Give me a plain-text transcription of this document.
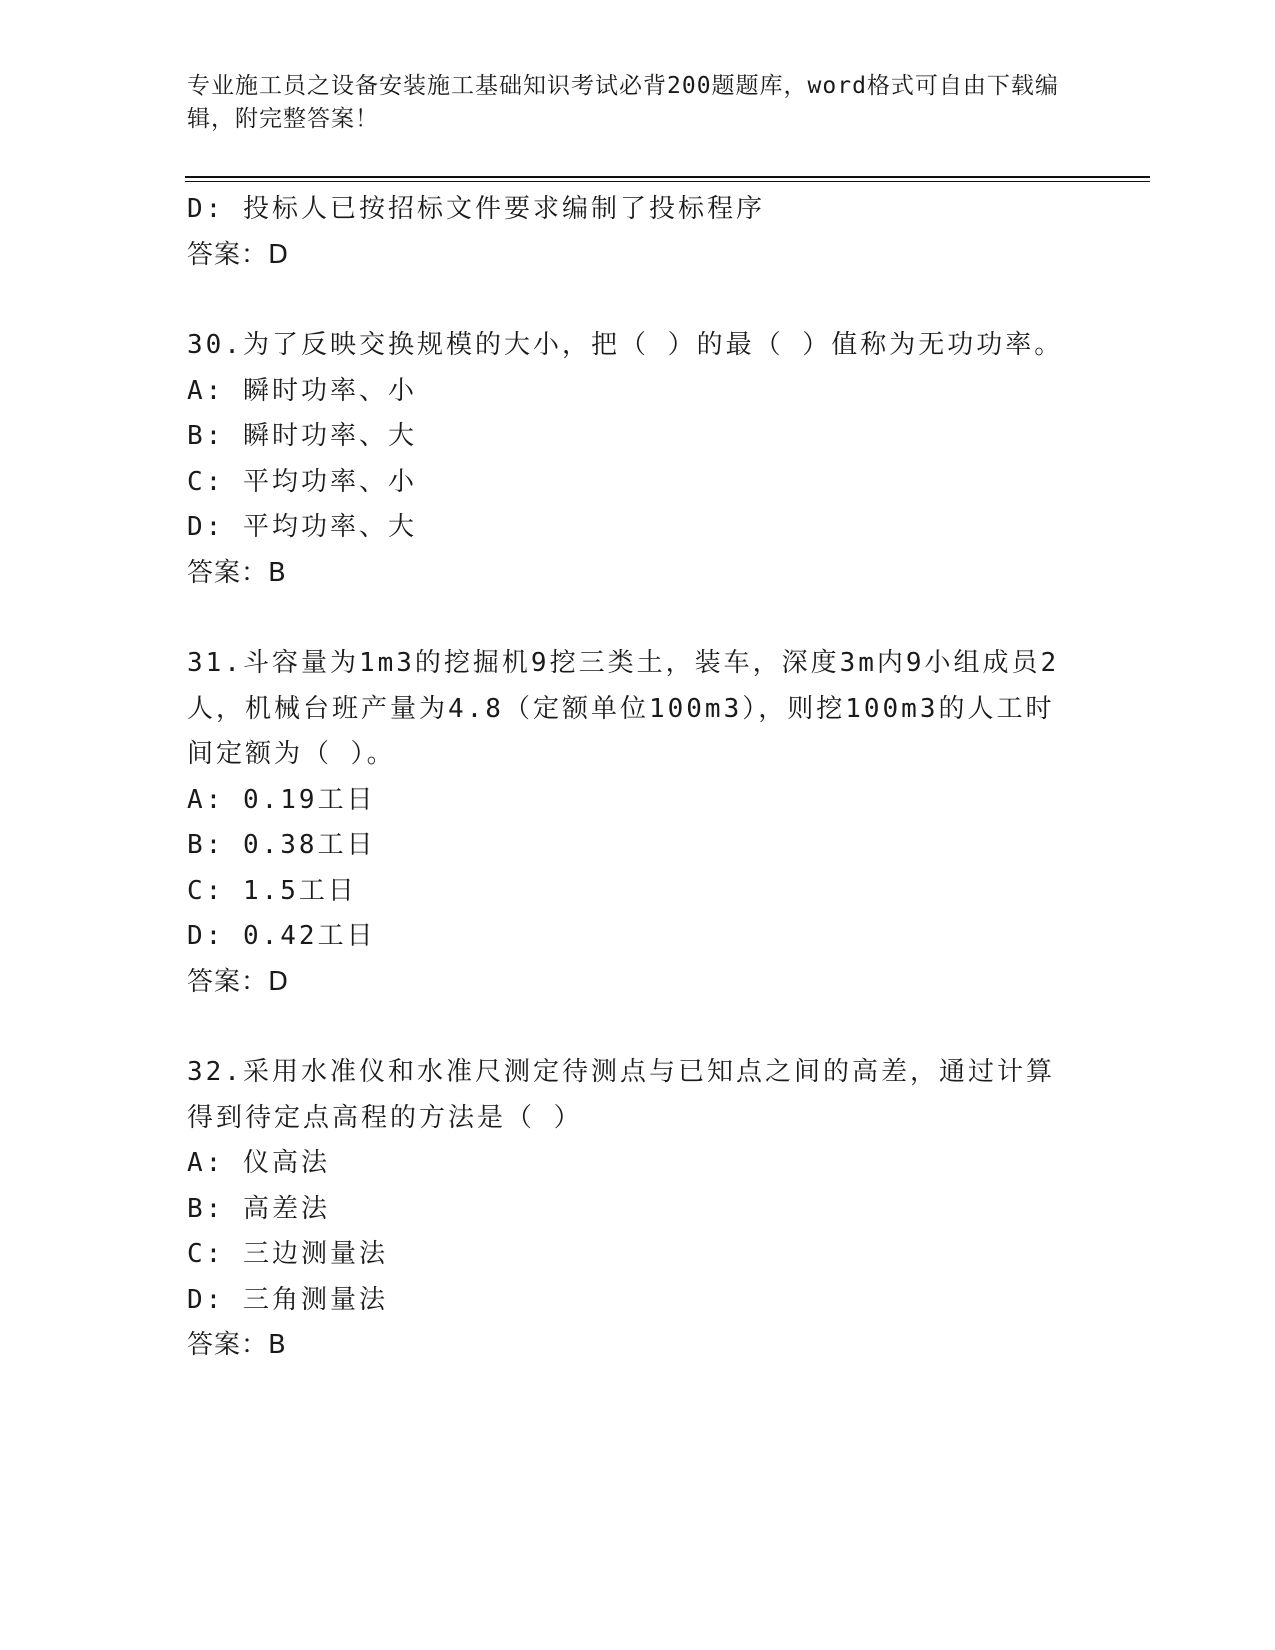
专业施工员之设备安装施工基础知识考试必背200题题库，word格式可自由下载编辑，附完整答案！
D: 投标人已按招标文件要求编制了投标程序
答案：D
30.为了反映交换规模的大小，把（ ）的最（ ）值称为无功功率。
A: 瞬时功率、小
B: 瞬时功率、大
C: 平均功率、小
D: 平均功率、大
答案：B
31.斗容量为1m3的挖掘机9挖三类土，装车，深度3m内9小组成员2人，机械台班产量为4.8（定额单位100m3），则挖100m3的人工时间定额为（ ）。
A: 0.19工日
B: 0.38工日
C: 1.5工日
D: 0.42工日
答案：D
32.采用水准仪和水准尺测定待测点与已知点之间的高差，通过计算得到待定点高程的方法是（ ）
A: 仪高法
B: 高差法
C: 三边测量法
D: 三角测量法
答案：B
